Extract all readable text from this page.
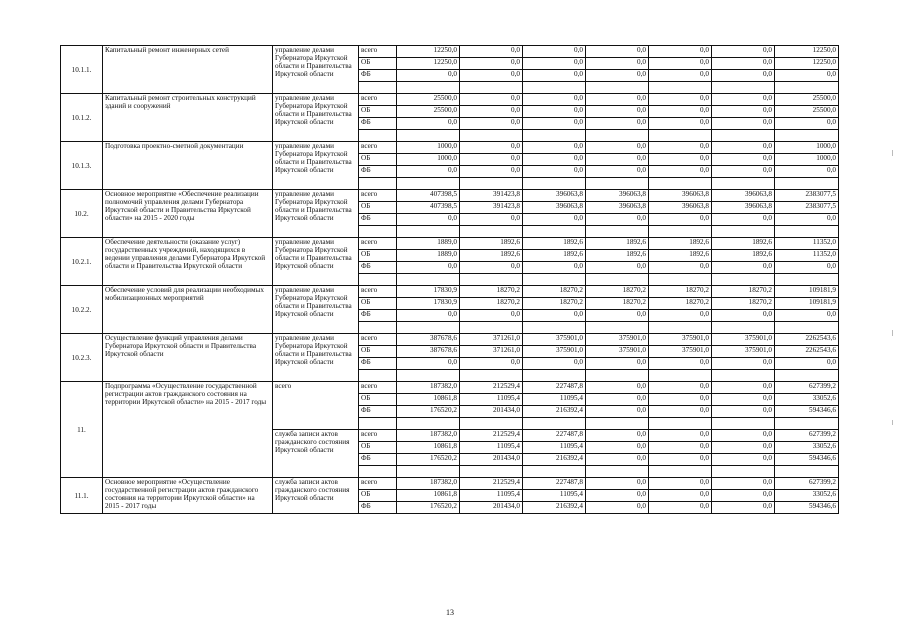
10.1.1.	Капитальный ремонт инженерных сетей	управление делами Губернатора Иркутской области и Правительства Иркутской области	всего	12250,0	0,0	0,0	0,0	0,0	0,0	12250,0
			ОБ	12250,0	0,0	0,0	0,0	0,0	0,0	12250,0
			ФБ	0,0	0,0	0,0	0,0	0,0	0,0	0,0

10.1.2.	Капитальный ремонт строительных конструкций зданий и сооружений	управление делами Губернатора Иркутской области и Правительства Иркутской области	всего	25500,0	0,0	0,0	0,0	0,0	0,0	25500,0
			ОБ	25500,0	0,0	0,0	0,0	0,0	0,0	25500,0
			ФБ	0,0	0,0	0,0	0,0	0,0	0,0	0,0

10.1.3.	Подготовка проектно-сметной документации	управление делами Губернатора Иркутской области и Правительства Иркутской области	всего	1000,0	0,0	0,0	0,0	0,0	0,0	1000,0
			ОБ	1000,0	0,0	0,0	0,0	0,0	0,0	1000,0
			ФБ	0,0	0,0	0,0	0,0	0,0	0,0	0,0

10.2.	Основное мероприятие «Обеспечение реализации полномочий управления делами Губернатора Иркутской области и Правительства Иркутской области» на 2015 - 2020 годы	управление делами Губернатора Иркутской области и Правительства Иркутской области	всего	407398,5	391423,8	396063,8	396063,8	396063,8	396063,8	2383077,5
			ОБ	407398,5	391423,8	396063,8	396063,8	396063,8	396063,8	2383077,5
			ФБ	0,0	0,0	0,0	0,0	0,0	0,0	0,0

10.2.1.	Обеспечение деятельности (оказание услуг) государственных учреждений, находящихся в ведении управления делами Губернатора Иркутской области и Правительства Иркутской области	управление делами Губернатора Иркутской области и Правительства Иркутской области	всего	1889,0	1892,6	1892,6	1892,6	1892,6	1892,6	11352,0
			ОБ	1889,0	1892,6	1892,6	1892,6	1892,6	1892,6	11352,0
			ФБ	0,0	0,0	0,0	0,0	0,0	0,0	0,0

10.2.2.	Обеспечение условий для реализации необходимых мобилизационных мероприятий	управление делами Губернатора Иркутской области и Правительства Иркутской области	всего	17830,9	18270,2	18270,2	18270,2	18270,2	18270,2	109181,9
			ОБ	17830,9	18270,2	18270,2	18270,2	18270,2	18270,2	109181,9
			ФБ	0,0	0,0	0,0	0,0	0,0	0,0	0,0

10.2.3.	Осуществление функций управления делами Губернатора Иркутской области и Правительства Иркутской области	управление делами Губернатора Иркутской области и Правительства Иркутской области	всего	387678,6	371261,0	375901,0	375901,0	375901,0	375901,0	2262543,6
			ОБ	387678,6	371261,0	375901,0	375901,0	375901,0	375901,0	2262543,6
			ФБ	0,0	0,0	0,0	0,0	0,0	0,0	0,0

11.	Подпрограмма «Осуществление государственной регистрации актов гражданского состояния на территории Иркутской области» на 2015 - 2017 годы	всего	всего	187382,0	212529,4	227487,8	0,0	0,0	0,0	627399,2
			ОБ	10861,8	11095,4	11095,4	0,0	0,0	0,0	33052,6
			ФБ	176520,2	201434,0	216392,4	0,0	0,0	0,0	594346,6

		служба записи актов гражданского состояния Иркутской области	всего	187382,0	212529,4	227487,8	0,0	0,0	0,0	627399,2
			ОБ	10861,8	11095,4	11095,4	0,0	0,0	0,0	33052,6
			ФБ	176520,2	201434,0	216392,4	0,0	0,0	0,0	594346,6

11.1.	Основное мероприятие «Осуществление государственной регистрации актов гражданского состояния на территории Иркутской области» на 2015 - 2017 годы	служба записи актов гражданского состояния Иркутской области	всего	187382,0	212529,4	227487,8	0,0	0,0	0,0	627399,2
			ОБ	10861,8	11095,4	11095,4	0,0	0,0	0,0	33052,6
			ФБ	176520,2	201434,0	216392,4	0,0	0,0	0,0	594346,6
13
